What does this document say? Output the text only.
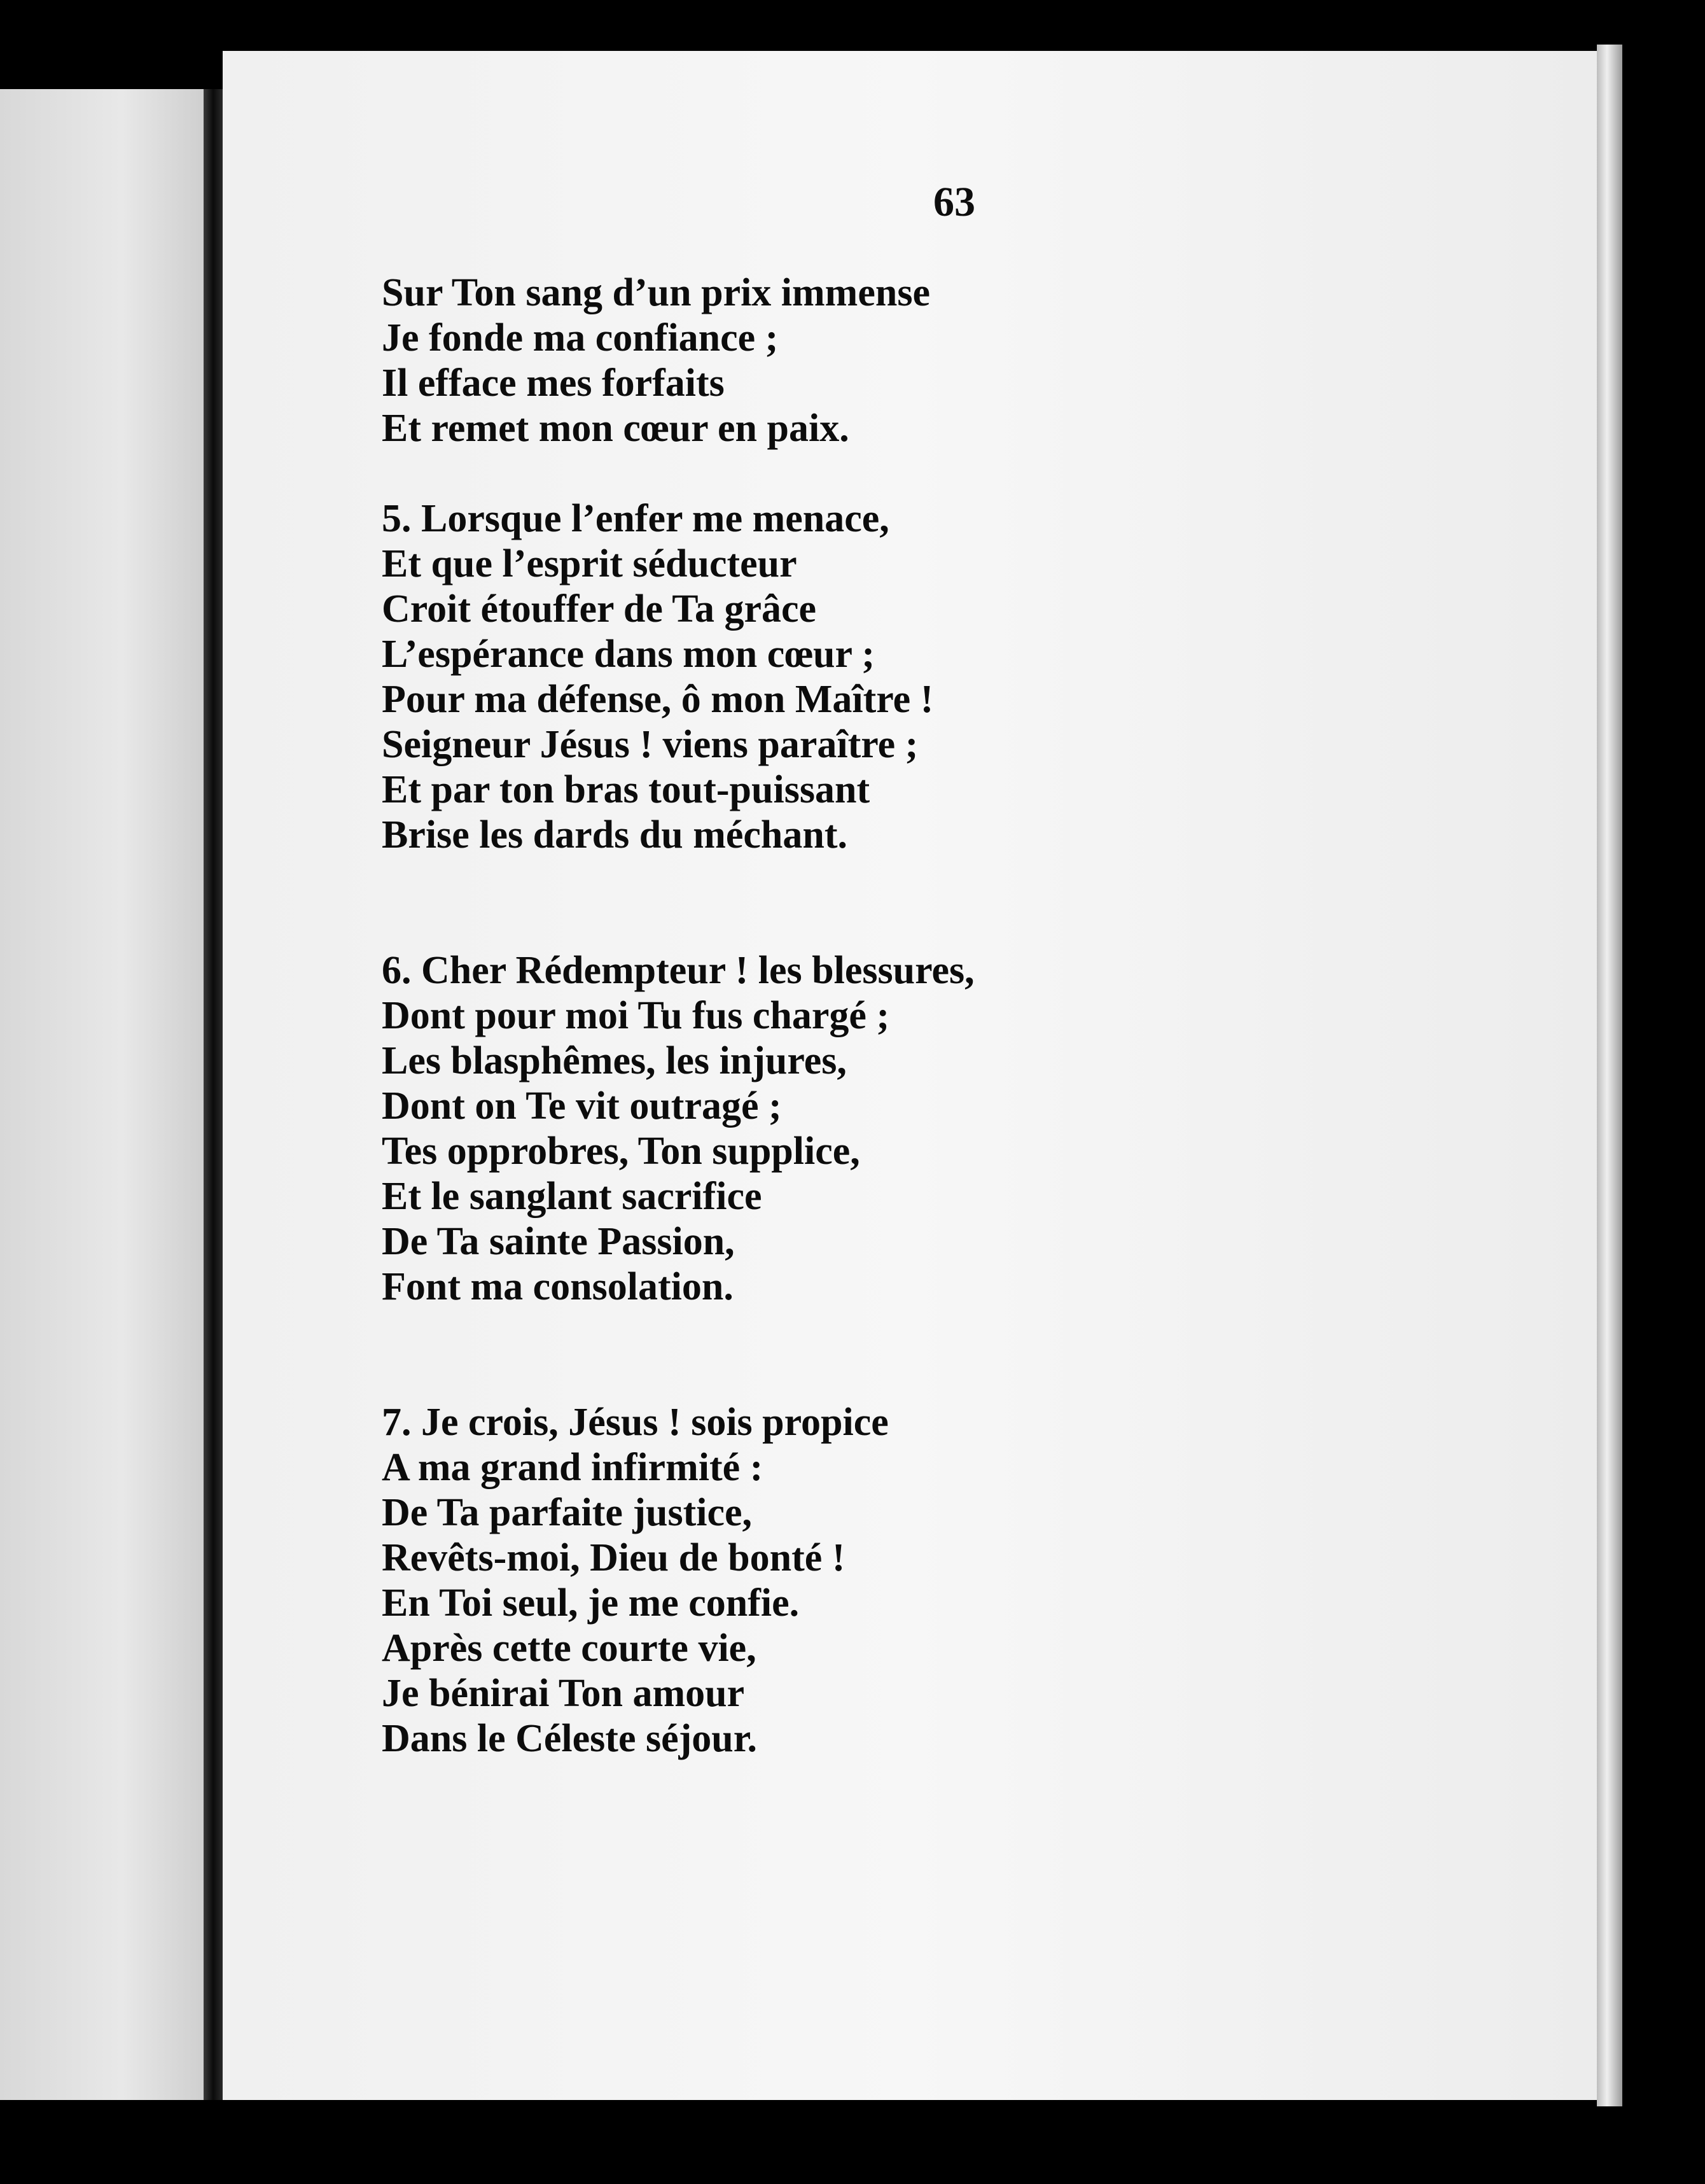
63
Sur Ton sang d’un prix immense
Je fonde ma confiance ;
Il efface mes forfaits
Et remet mon cœur en paix.
5. Lorsque l’enfer me menace,
Et que l’esprit séducteur
Croit étouffer de Ta grâce
L’espérance dans mon cœur ;
Pour ma défense, ô mon Maître !
Seigneur Jésus ! viens paraître ;
Et par ton bras tout-puissant
Brise les dards du méchant.
6. Cher Rédempteur ! les blessures,
Dont pour moi Tu fus chargé ;
Les blasphêmes, les injures,
Dont on Te vit outragé ;
Tes opprobres, Ton supplice,
Et le sanglant sacrifice
De Ta sainte Passion,
Font ma consolation.
7. Je crois, Jésus ! sois propice
A ma grand infirmité :
De Ta parfaite justice,
Revêts-moi, Dieu de bonté !
En Toi seul, je me confie.
Après cette courte vie,
Je bénirai Ton amour
Dans le Céleste séjour.
